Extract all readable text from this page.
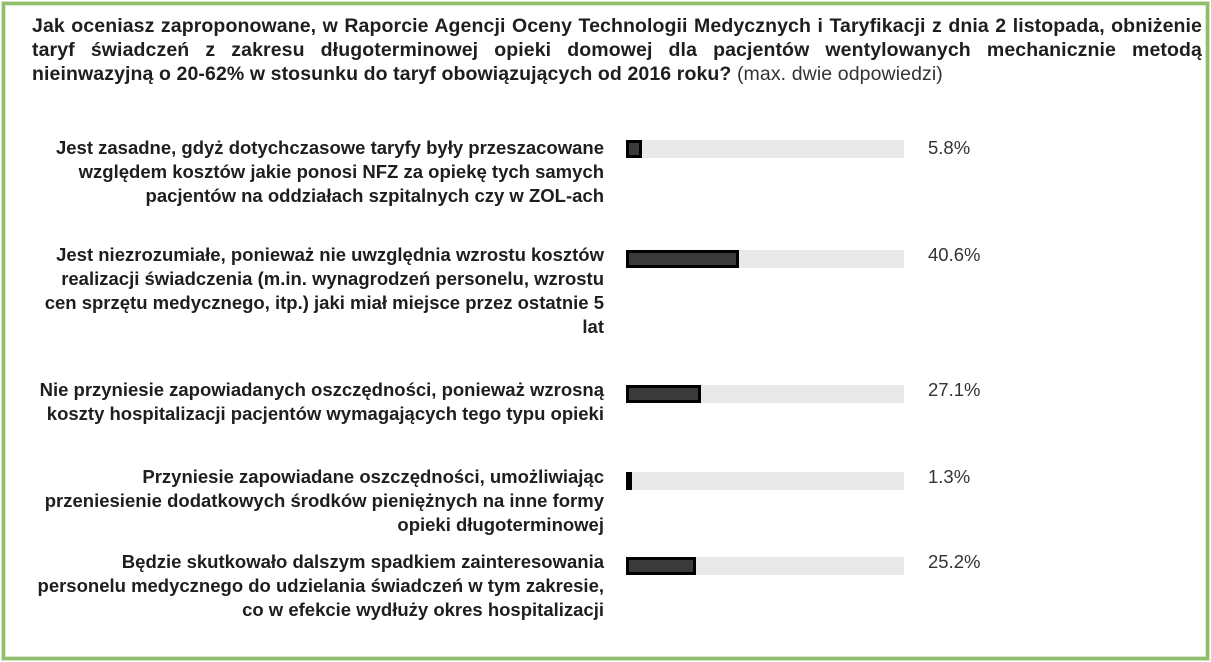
Jak oceniasz zaproponowane, w Raporcie Agencji Oceny Technologii Medycznych i Taryfikacji z dnia 2 listopada, obniżenie taryf świadczeń z zakresu długoterminowej opieki domowej dla pacjentów wentylowanych mechanicznie metodą nieinwazyjną o 20-62% w stosunku do taryf obowiązujących od 2016 roku? (max. dwie odpowiedzi)
Jest zasadne, gdyż dotychczasowe taryfy były przeszacowane względem kosztów jakie ponosi NFZ za opiekę tych samych pacjentów na oddziałach szpitalnych czy w ZOL-ach
5.8%
Jest niezrozumiałe, ponieważ nie uwzględnia wzrostu kosztów realizacji świadczenia (m.in. wynagrodzeń personelu, wzrostu cen sprzętu medycznego, itp.) jaki miał miejsce przez ostatnie 5 lat
40.6%
Nie przyniesie zapowiadanych oszczędności, ponieważ wzrosną koszty hospitalizacji pacjentów wymagających tego typu opieki
27.1%
Przyniesie zapowiadane oszczędności, umożliwiając przeniesienie dodatkowych środków pieniężnych na inne formy opieki długoterminowej
1.3%
Będzie skutkowało dalszym spadkiem zainteresowania personelu medycznego do udzielania świadczeń w tym zakresie, co w efekcie wydłuży okres hospitalizacji
25.2%
